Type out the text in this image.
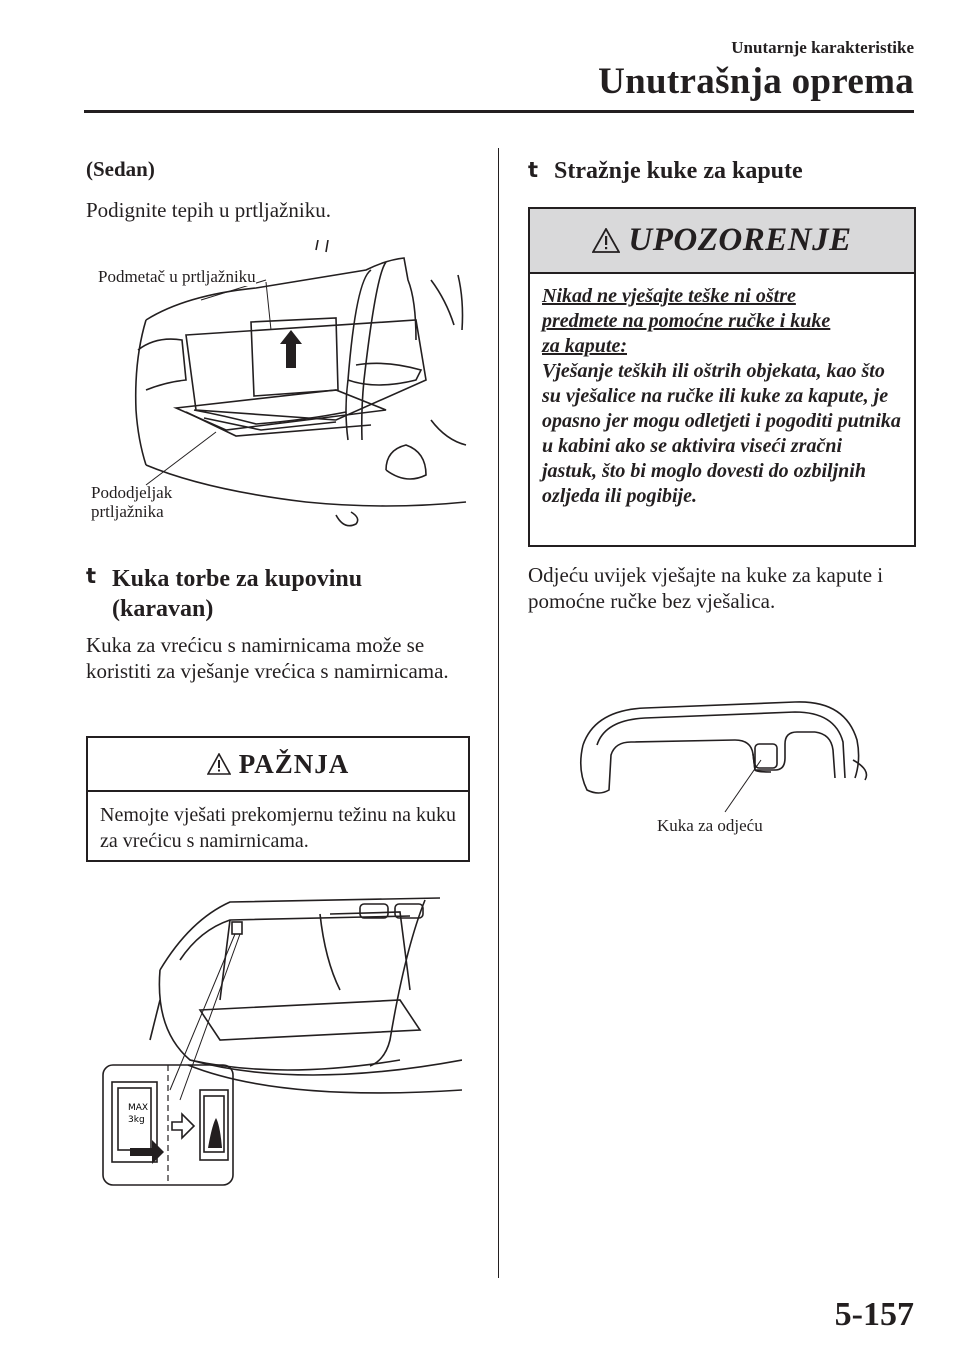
Unutarnje karakteristike
Unutrašnja oprema
(Sedan)
Podignite tepih u prtljažniku.
Podmetač u prtljažniku
Pododjeljak
prtljažnika
t Kuka torbe za kupovinu
(karavan)
Kuka za vrećicu s namirnicama može se koristiti za vješanje vrećica s namirnicama.
PAŽNJA
Nemojte vješati prekomjernu težinu na kuku za vrećicu s namirnicama.
MAX
3kg
t Stražnje kuke za kapute
UPOZORENJE
Nikad ne vješajte teške ni oštre
predmete na pomoćne ručke i kuke
za kapute:
Vješanje teških ili oštrih objekata, kao što su vješalice na ručke ili kuke za kapute, je opasno jer mogu odletjeti i pogoditi putnika u kabini ako se aktivira viseći zračni jastuk, što bi moglo dovesti do ozbiljnih ozljeda ili pogibije.
Odjeću uvijek vješajte na kuke za kapute i pomoćne ručke bez vješalica.
Kuka za odjeću
5-157
